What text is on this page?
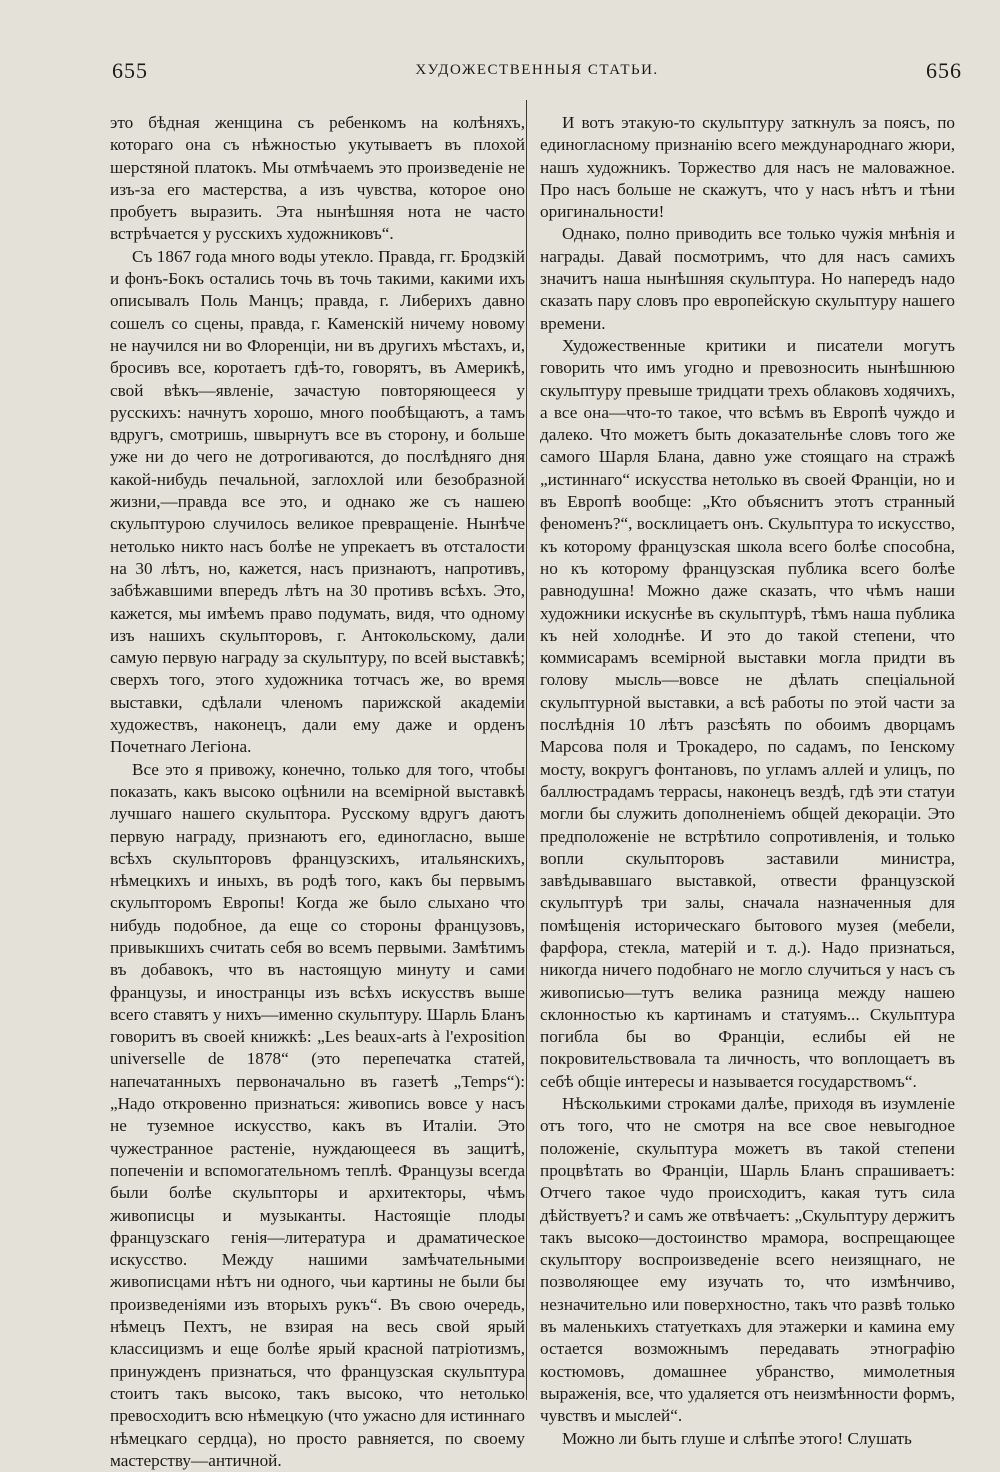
655	ХУДОЖЕСТВЕННЫЯ СТАТЬИ.	656

это бѣдная женщина съ ребенкомъ на колѣняхъ, котораго она съ нѣжностью укутываетъ въ плохой шерстяной платокъ. Мы отмѣчаемъ это произведеніе не изъ-за его мастерства, а изъ чувства, которое оно пробуетъ выразить. Эта нынѣшняя нота не часто встрѣчается у русскихъ художниковъ“.

Съ 1867 года много воды утекло. Правда, гг. Бродзкій и фонъ-Бокъ остались точь въ точь такими, какими ихъ описывалъ Поль Манцъ; правда, г. Либерихъ давно сошелъ со сцены, правда, г. Каменскій ничему новому не научился ни во Флоренціи, ни въ другихъ мѣстахъ, и, бросивъ все, коротаетъ гдѣ-то, говорятъ, въ Америкѣ, свой вѣкъ—явленіе, зачастую повторяющееся у русскихъ: начнутъ хорошо, много пообѣщаютъ, а тамъ вдругъ, смотришь, швырнутъ все въ сторону, и больше уже ни до чего не дотрогиваются, до послѣдняго дня какой-нибудь печальной, заглохлой или безобразной жизни,—правда все это, и однако же съ нашею скульптурою случилось великое превращеніе. Нынѣче нетолько никто насъ болѣе не упрекаетъ въ отсталости на 30 лѣтъ, но, кажется, насъ признаютъ, напротивъ, забѣжавшими впередъ лѣтъ на 30 противъ всѣхъ. Это, кажется, мы имѣемъ право подумать, видя, что одному изъ нашихъ скульпторовъ, г. Антокольскому, дали самую первую награду за скульптуру, по всей выставкѣ; сверхъ того, этого художника тотчасъ же, во время выставки, сдѣлали членомъ парижской академіи художествъ, наконецъ, дали ему даже и орденъ Почетнаго Легіона.

Все это я привожу, конечно, только для того, чтобы показать, какъ высоко оцѣнили на всемірной выставкѣ лучшаго нашего скульптора. Русскому вдругъ даютъ первую награду, признаютъ его, единогласно, выше всѣхъ скульпторовъ французскихъ, итальянскихъ, нѣмецкихъ и иныхъ, въ родѣ того, какъ бы первымъ скульпторомъ Европы! Когда же было слыхано что нибудь подобное, да еще со стороны французовъ, привыкшихъ считать себя во всемъ первыми. Замѣтимъ въ добавокъ, что въ настоящую минуту и сами французы, и иностранцы изъ всѣхъ искусствъ выше всего ставятъ у нихъ—именно скульптуру. Шарль Бланъ говоритъ въ своей книжкѣ: „Les beaux-arts à l'exposition universelle de 1878“ (это перепечатка статей, напечатанныхъ первоначально въ газетѣ „Temps“): „Надо откровенно признаться: живопись вовсе у насъ не туземное искусство, какъ въ Италіи. Это чужестранное растеніе, нуждающееся въ защитѣ, попеченіи и вспомогательномъ теплѣ. Французы всегда были болѣе скульпторы и архитекторы, чѣмъ живописцы и музыканты. Настоящіе плоды французскаго генія—литература и драматическое искусство. Между нашими замѣчательными живописцами нѣтъ ни одного, чьи картины не были бы произведеніями изъ вторыхъ рукъ“. Въ свою очередь, нѣмецъ Пехтъ, не взирая на весь свой ярый классицизмъ и еще болѣе ярый красной патріотизмъ, принужденъ признаться, что французская скульптура стоитъ такъ высоко, такъ высоко, что нетолько превосходитъ всю нѣмецкую (что ужасно для истиннаго нѣмецкаго сердца), но просто равняется, по своему мастерству—античной.

И вотъ этакую-то скульптуру заткнулъ за поясъ, по единогласному признанію всего международнаго жюри, нашъ художникъ. Торжество для насъ не маловажное. Про насъ больше не скажутъ, что у насъ нѣтъ и тѣни оригинальности!

Однако, полно приводить все только чужія мнѣнія и награды. Давай посмотримъ, что для насъ самихъ значитъ наша нынѣшняя скульптура. Но напередъ надо сказать пару словъ про европейскую скульптуру нашего времени.

Художественные критики и писатели могутъ говорить что имъ угодно и превозносить нынѣшнюю скульптуру превыше тридцати трехъ облаковъ ходячихъ, а все она—что-то такое, что всѣмъ въ Европѣ чуждо и далеко. Что можетъ быть доказательнѣе словъ того же самого Шарля Блана, давно уже стоящаго на стражѣ „истиннаго“ искусства нетолько въ своей Франціи, но и въ Европѣ вообще: „Кто объяснитъ этотъ странный феноменъ?“, восклицаетъ онъ. Скульптура то искусство, къ которому французская школа всего болѣе способна, но къ которому французская публика всего болѣе равнодушна! Можно даже сказать, что чѣмъ наши художники искуснѣе въ скульптурѣ, тѣмъ наша публика къ ней холоднѣе. И это до такой степени, что коммисарамъ всемірной выставки могла придти въ голову мысль—вовсе не дѣлать спеціальной скульптурной выставки, а всѣ работы по этой части за послѣднія 10 лѣтъ разсѣять по обоимъ дворцамъ Марсова поля и Трокадеро, по садамъ, по Іенскому мосту, вокругъ фонтановъ, по угламъ аллей и улицъ, по баллюстрадамъ террасы, наконецъ вездѣ, гдѣ эти статуи могли бы служить дополненіемъ общей декораціи. Это предположеніе не встрѣтило сопротивленія, и только вопли скульпторовъ заставили министра, завѣдывавшаго выставкой, отвести французской скульптурѣ три залы, сначала назначенныя для помѣщенія историческаго бытового музея (мебели, фарфора, стекла, матерій и т. д.). Надо признаться, никогда ничего подобнаго не могло случиться у насъ съ живописью—тутъ велика разница между нашею склонностью къ картинамъ и статуямъ... Скульптура погибла бы во Франціи, еслибы ей не покровительствовала та личность, что воплощаетъ въ себѣ общіе интересы и называется государствомъ“.

Нѣсколькими строками далѣе, приходя въ изумленіе отъ того, что не смотря на все свое невыгодное положеніе, скульптура можетъ въ такой степени процвѣтать во Франціи, Шарль Бланъ спрашиваетъ: Отчего такое чудо происходитъ, какая тутъ сила дѣйствуетъ? и самъ же отвѣчаетъ: „Скульптуру держитъ такъ высоко—достоинство мрамора, воспрещающее скульптору воспроизведеніе всего неизящнаго, не позволяющее ему изучать то, что измѣнчиво, незначительно или поверхностно, такъ что развѣ только въ маленькихъ статуеткахъ для этажерки и камина ему остается возможнымъ передавать этнографію костюмовъ, домашнее убранство, мимолетныя выраженія, все, что удаляется отъ неизмѣнности формъ, чувствъ и мыслей“.

Можно ли быть глуше и слѣпѣе этого! Слушать
